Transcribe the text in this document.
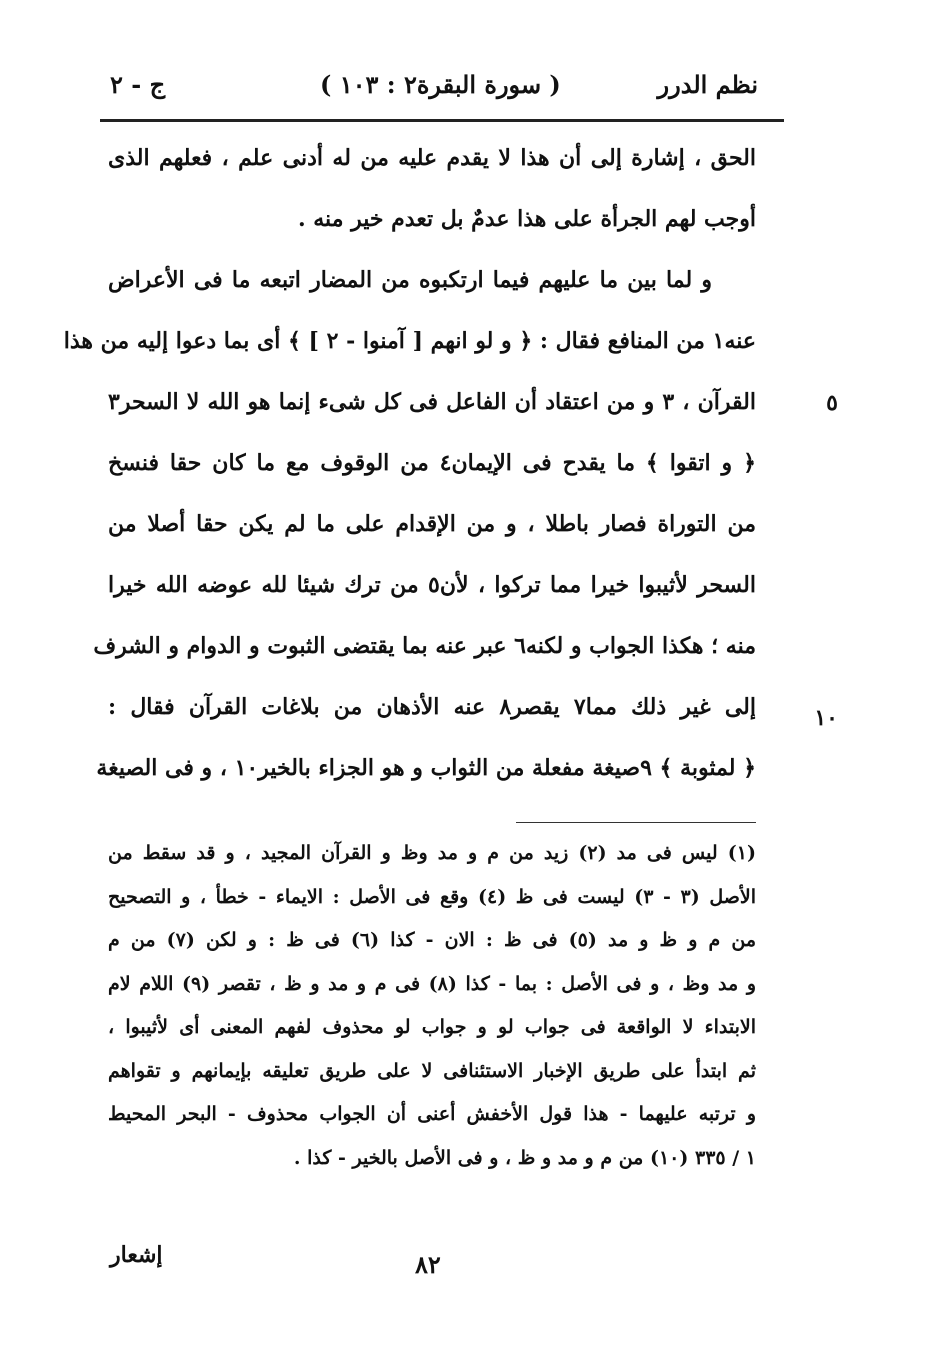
نظم الدرر
( سورة البقرة٢ : ١٠٣ )
ج - ٢
الحق ، إشارة إلى أن هذا لا يقدم عليه من له أدنى علم ، فعلهم الذى
أوجب لهم الجرأة على هذا عدمٌ بل تعدم خير منه .
و لما بين ما عليهم فيما ارتكبوه من المضار اتبعه ما فى الأعراض
عنه١ من المنافع فقال : ﴿ و لو انهم [ آمنوا - ٢ ] ﴾ أى بما دعوا إليه من هذا
القرآن ، ٣ و من اعتقاد أن الفاعل فى كل شىء إنما هو الله لا السحر٣
﴿ و اتقوا ﴾ ما يقدح فى الإيمان٤ من الوقوف مع ما كان حقا فنسخ
من التوراة فصار باطلا ، و من الإقدام على ما لم يكن حقا أصلا من
السحر لأثيبوا خيرا مما تركوا ، لأن٥ من ترك شيئا لله عوضه الله خيرا
منه ؛ هكذا الجواب و لكنه٦ عبر عنه بما يقتضى الثبوت و الدوام و الشرف
إلى غير ذلك مما٧ يقصر٨ عنه الأذهان من بلاغات القرآن فقال :
﴿ لمثوبة ﴾ ٩صيغة مفعلة من الثواب و هو الجزاء بالخير١٠ ، و فى الصيغة
٥
١٠
(١) ليس فى مد (٢) زيد من م و مد وظ و القرآن المجيد ، و قد سقط من
الأصل (٣ - ٣) ليست فى ظ (٤) وقع فى الأصل : الايماء - خطأ ، و التصحيح
من م و ظ و مد (٥) فى ظ : الان - كذا (٦) فى ظ : و لكن (٧) من م
و مد وظ ، و فى الأصل : بما - كذا (٨) فى م و مد و ظ ، تقصر (٩) اللام لام
الابتداء لا الواقعة فى جواب لو و جواب لو محذوف لفهم المعنى أى لأثيبوا ،
ثم ابتدأ على طريق الإخبار الاستئنافى لا على طريق تعليقه بإيمانهم و تقواهم
و ترتبه عليهما - هذا قول الأخفش أعنى أن الجواب محذوف - البحر المحيط
١ / ٣٣٥ (١٠) من م و مد و ظ ، و فى الأصل بالخير - كذا .
٨٢
إشعار
